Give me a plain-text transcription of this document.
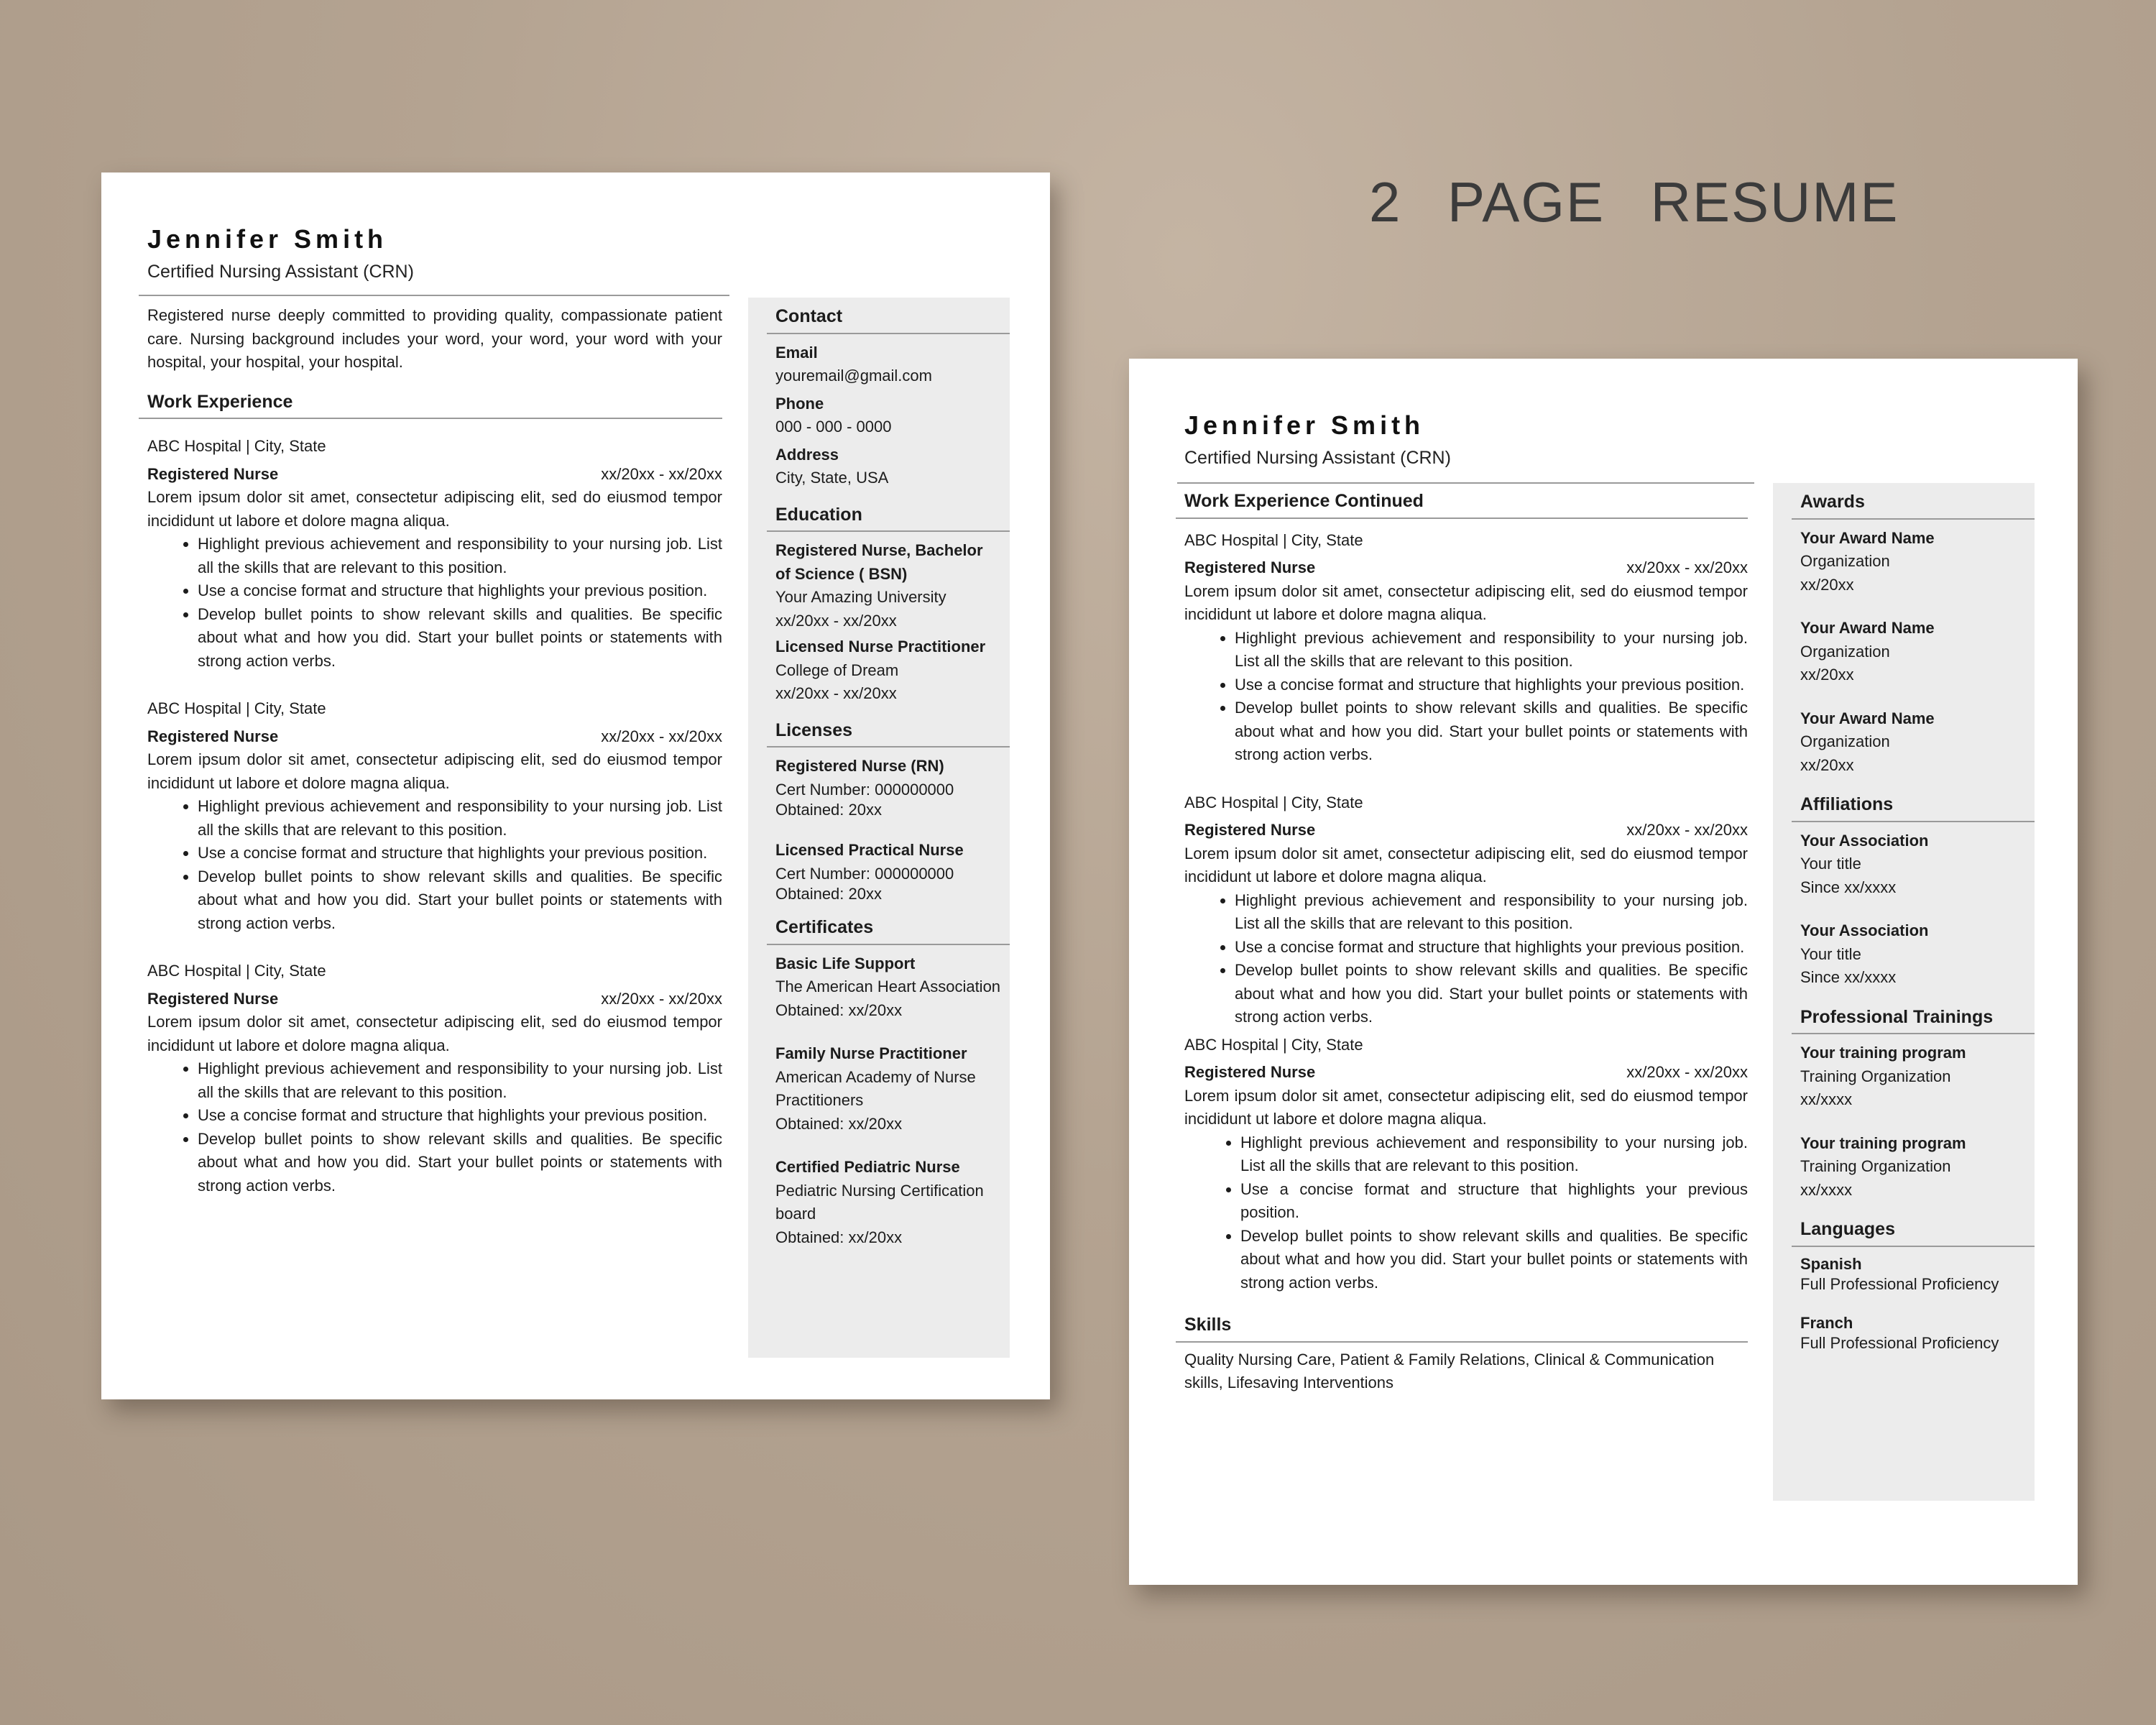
2 PAGE RESUME
Jennifer Smith
Certified Nursing Assistant (CRN)

Registered nurse deeply committed to providing quality, compassionate patient care. Nursing background includes your word, your word, your word with your hospital, your hospital, your hospital.

Work Experience
ABC Hospital | City, State
Registered Nurse	xx/20xx - xx/20xx
Lorem ipsum dolor sit amet, consectetur adipiscing elit, sed do eiusmod tempor incididunt ut labore et dolore magna aliqua.
• Highlight previous achievement and responsibility to your nursing job. List all the skills that are relevant to this position.
• Use a concise format and structure that highlights your previous position.
• Develop bullet points to show relevant skills and qualities. Be specific about what and how you did. Start your bullet points or statements with strong action verbs.
ABC Hospital | City, State
Registered Nurse	xx/20xx - xx/20xx
Lorem ipsum dolor sit amet, consectetur adipiscing elit, sed do eiusmod tempor incididunt ut labore et dolore magna aliqua.
• Highlight previous achievement and responsibility to your nursing job. List all the skills that are relevant to this position.
• Use a concise format and structure that highlights your previous position.
• Develop bullet points to show relevant skills and qualities. Be specific about what and how you did. Start your bullet points or statements with strong action verbs.
ABC Hospital | City, State
Registered Nurse	xx/20xx - xx/20xx
Lorem ipsum dolor sit amet, consectetur adipiscing elit, sed do eiusmod tempor incididunt ut labore et dolore magna aliqua.
• Highlight previous achievement and responsibility to your nursing job. List all the skills that are relevant to this position.
• Use a concise format and structure that highlights your previous position.
• Develop bullet points to show relevant skills and qualities. Be specific about what and how you did. Start your bullet points or statements with strong action verbs.
Contact
Email
youremail@gmail.com
Phone
000 - 000 - 0000
Address
City, State, USA
Education
Registered Nurse, Bachelor of Science ( BSN)
Your Amazing University
xx/20xx - xx/20xx
Licensed Nurse Practitioner
College of Dream
xx/20xx - xx/20xx
Licenses
Registered Nurse (RN)
Cert Number: 000000000
Obtained: 20xx
Licensed Practical Nurse
Cert Number: 000000000
Obtained: 20xx
Certificates
Basic Life Support
The American Heart Association
Obtained: xx/20xx
Family Nurse Practitioner
American Academy of Nurse Practitioners
Obtained: xx/20xx
Certified Pediatric Nurse
Pediatric Nursing Certification board
Obtained: xx/20xx
Jennifer Smith
Certified Nursing Assistant (CRN)
Work Experience Continued
ABC Hospital | City, State
Registered Nurse	xx/20xx - xx/20xx
Lorem ipsum dolor sit amet, consectetur adipiscing elit, sed do eiusmod tempor incididunt ut labore et dolore magna aliqua.
• Highlight previous achievement and responsibility to your nursing job. List all the skills that are relevant to this position.
• Use a concise format and structure that highlights your previous position.
• Develop bullet points to show relevant skills and qualities. Be specific about what and how you did. Start your bullet points or statements with strong action verbs.
ABC Hospital | City, State
Registered Nurse	xx/20xx - xx/20xx
Lorem ipsum dolor sit amet, consectetur adipiscing elit, sed do eiusmod tempor incididunt ut labore et dolore magna aliqua.
• Highlight previous achievement and responsibility to your nursing job. List all the skills that are relevant to this position.
• Use a concise format and structure that highlights your previous position.
• Develop bullet points to show relevant skills and qualities. Be specific about what and how you did. Start your bullet points or statements with strong action verbs.
ABC Hospital | City, State
Registered Nurse	xx/20xx - xx/20xx
Lorem ipsum dolor sit amet, consectetur adipiscing elit, sed do eiusmod tempor incididunt ut labore et dolore magna aliqua.
• Highlight previous achievement and responsibility to your nursing job. List all the skills that are relevant to this position.
• Use a concise format and structure that highlights your previous position.
• Develop bullet points to show relevant skills and qualities. Be specific about what and how you did. Start your bullet points or statements with strong action verbs.
Skills
Quality Nursing Care, Patient & Family Relations, Clinical & Communication skills, Lifesaving Interventions
Awards
Your Award Name
Organization
xx/20xx
Your Award Name
Organization
xx/20xx
Your Award Name
Organization
xx/20xx
Affiliations
Your Association
Your title
Since xx/xxxx
Your Association
Your title
Since xx/xxxx
Professional Trainings
Your training program
Training Organization
xx/xxxx
Your training program
Training Organization
xx/xxxx
Languages
Spanish
Full Professional Proficiency
Franch
Full Professional Proficiency
